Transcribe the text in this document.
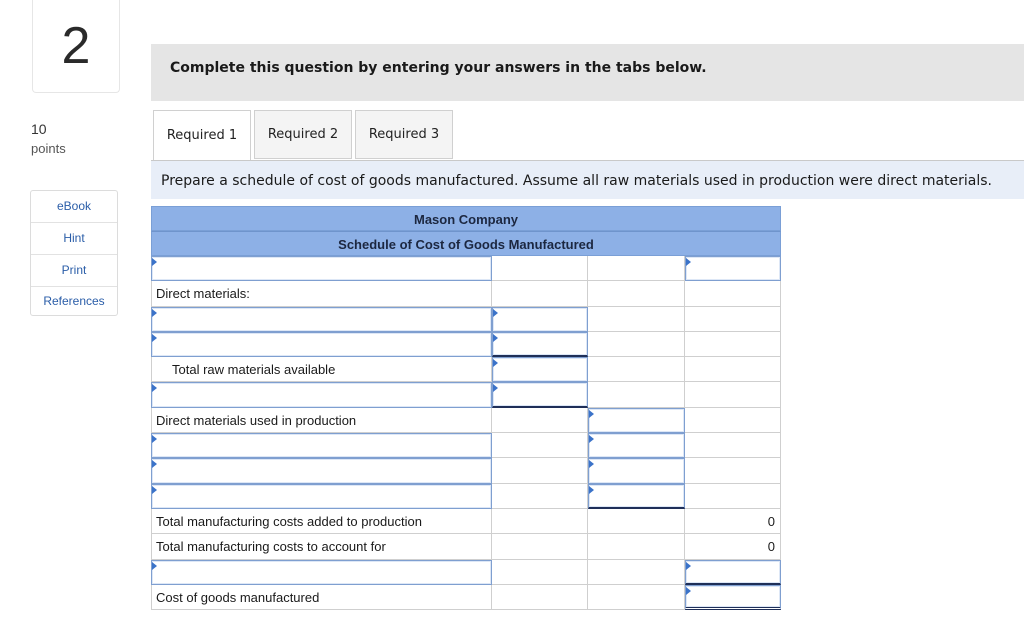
2
10
points
eBook
Hint
Print
References
Complete this question by entering your answers in the tabs below.
Required 1	Required 2	Required 3
Prepare a schedule of cost of goods manufactured. Assume all raw materials used in production were direct materials.
Mason Company
Schedule of Cost of Goods Manufactured
Direct materials:
Total raw materials available
Direct materials used in production
Total manufacturing costs added to production	0
Total manufacturing costs to account for	0
Cost of goods manufactured
